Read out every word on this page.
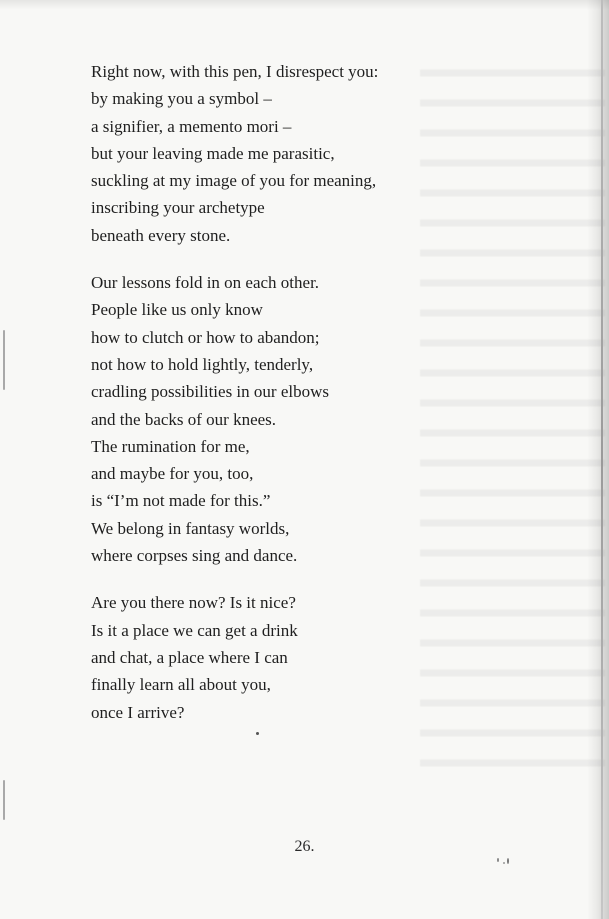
Right now, with this pen, I disrespect you:
by making you a symbol –
a signifier, a memento mori –
but your leaving made me parasitic,
suckling at my image of you for meaning,
inscribing your archetype
beneath every stone.
Our lessons fold in on each other.
People like us only know
how to clutch or how to abandon;
not how to hold lightly, tenderly,
cradling possibilities in our elbows
and the backs of our knees.
The rumination for me,
and maybe for you, too,
is “I’m not made for this.”
We belong in fantasy worlds,
where corpses sing and dance.
Are you there now? Is it nice?
Is it a place we can get a drink
and chat, a place where I can
finally learn all about you,
once I arrive?
26.
